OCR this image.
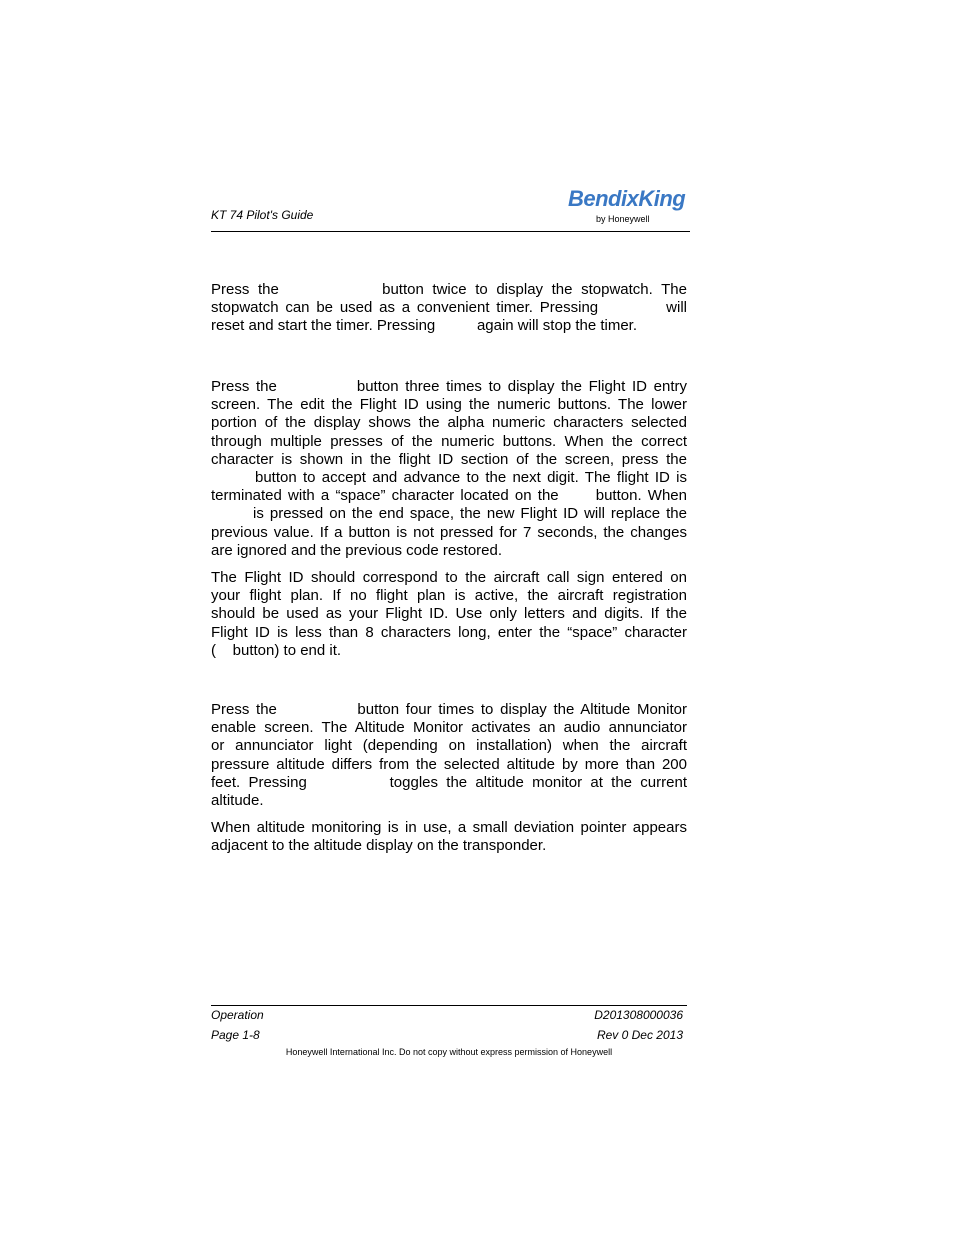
KT 74 Pilot's Guide
BendixKing
by Honeywell
Press the            button twice to display the stopwatch. The
stopwatch can be used as a convenient timer. Pressing          will
reset and start the timer. Pressing          again will stop the timer.
Press the            button three times to display the Flight ID entry
screen. The edit the Flight ID using the numeric buttons. The lower
portion of the display shows the alpha numeric characters selected
through multiple presses of the numeric buttons. When the correct
character is shown in the flight ID section of the screen, press the
button to accept and advance to the next digit. The flight ID is
terminated with a “space” character located on the      button. When
is pressed on the end space, the new Flight ID will replace the
previous value. If a button is not pressed for 7 seconds, the changes
are ignored and the previous code restored.
The Flight ID should correspond to the aircraft call sign entered on
your flight plan. If no flight plan is active, the aircraft registration
should be used as your Flight ID. Use only letters and digits. If the
Flight ID is less than 8 characters long, enter the “space” character
(    button) to end it.
Press the            button four times to display the Altitude Monitor
enable screen. The Altitude Monitor activates an audio annunciator
or annunciator light (depending on installation) when the aircraft
pressure altitude differs from the selected altitude by more than 200
feet. Pressing          toggles the altitude monitor at the current
altitude.
When altitude monitoring is in use, a small deviation pointer appears
adjacent to the altitude display on the transponder.
Operation	D201308000036
Page 1-8	Rev 0 Dec 2013
Honeywell International Inc. Do not copy without express permission of Honeywell
